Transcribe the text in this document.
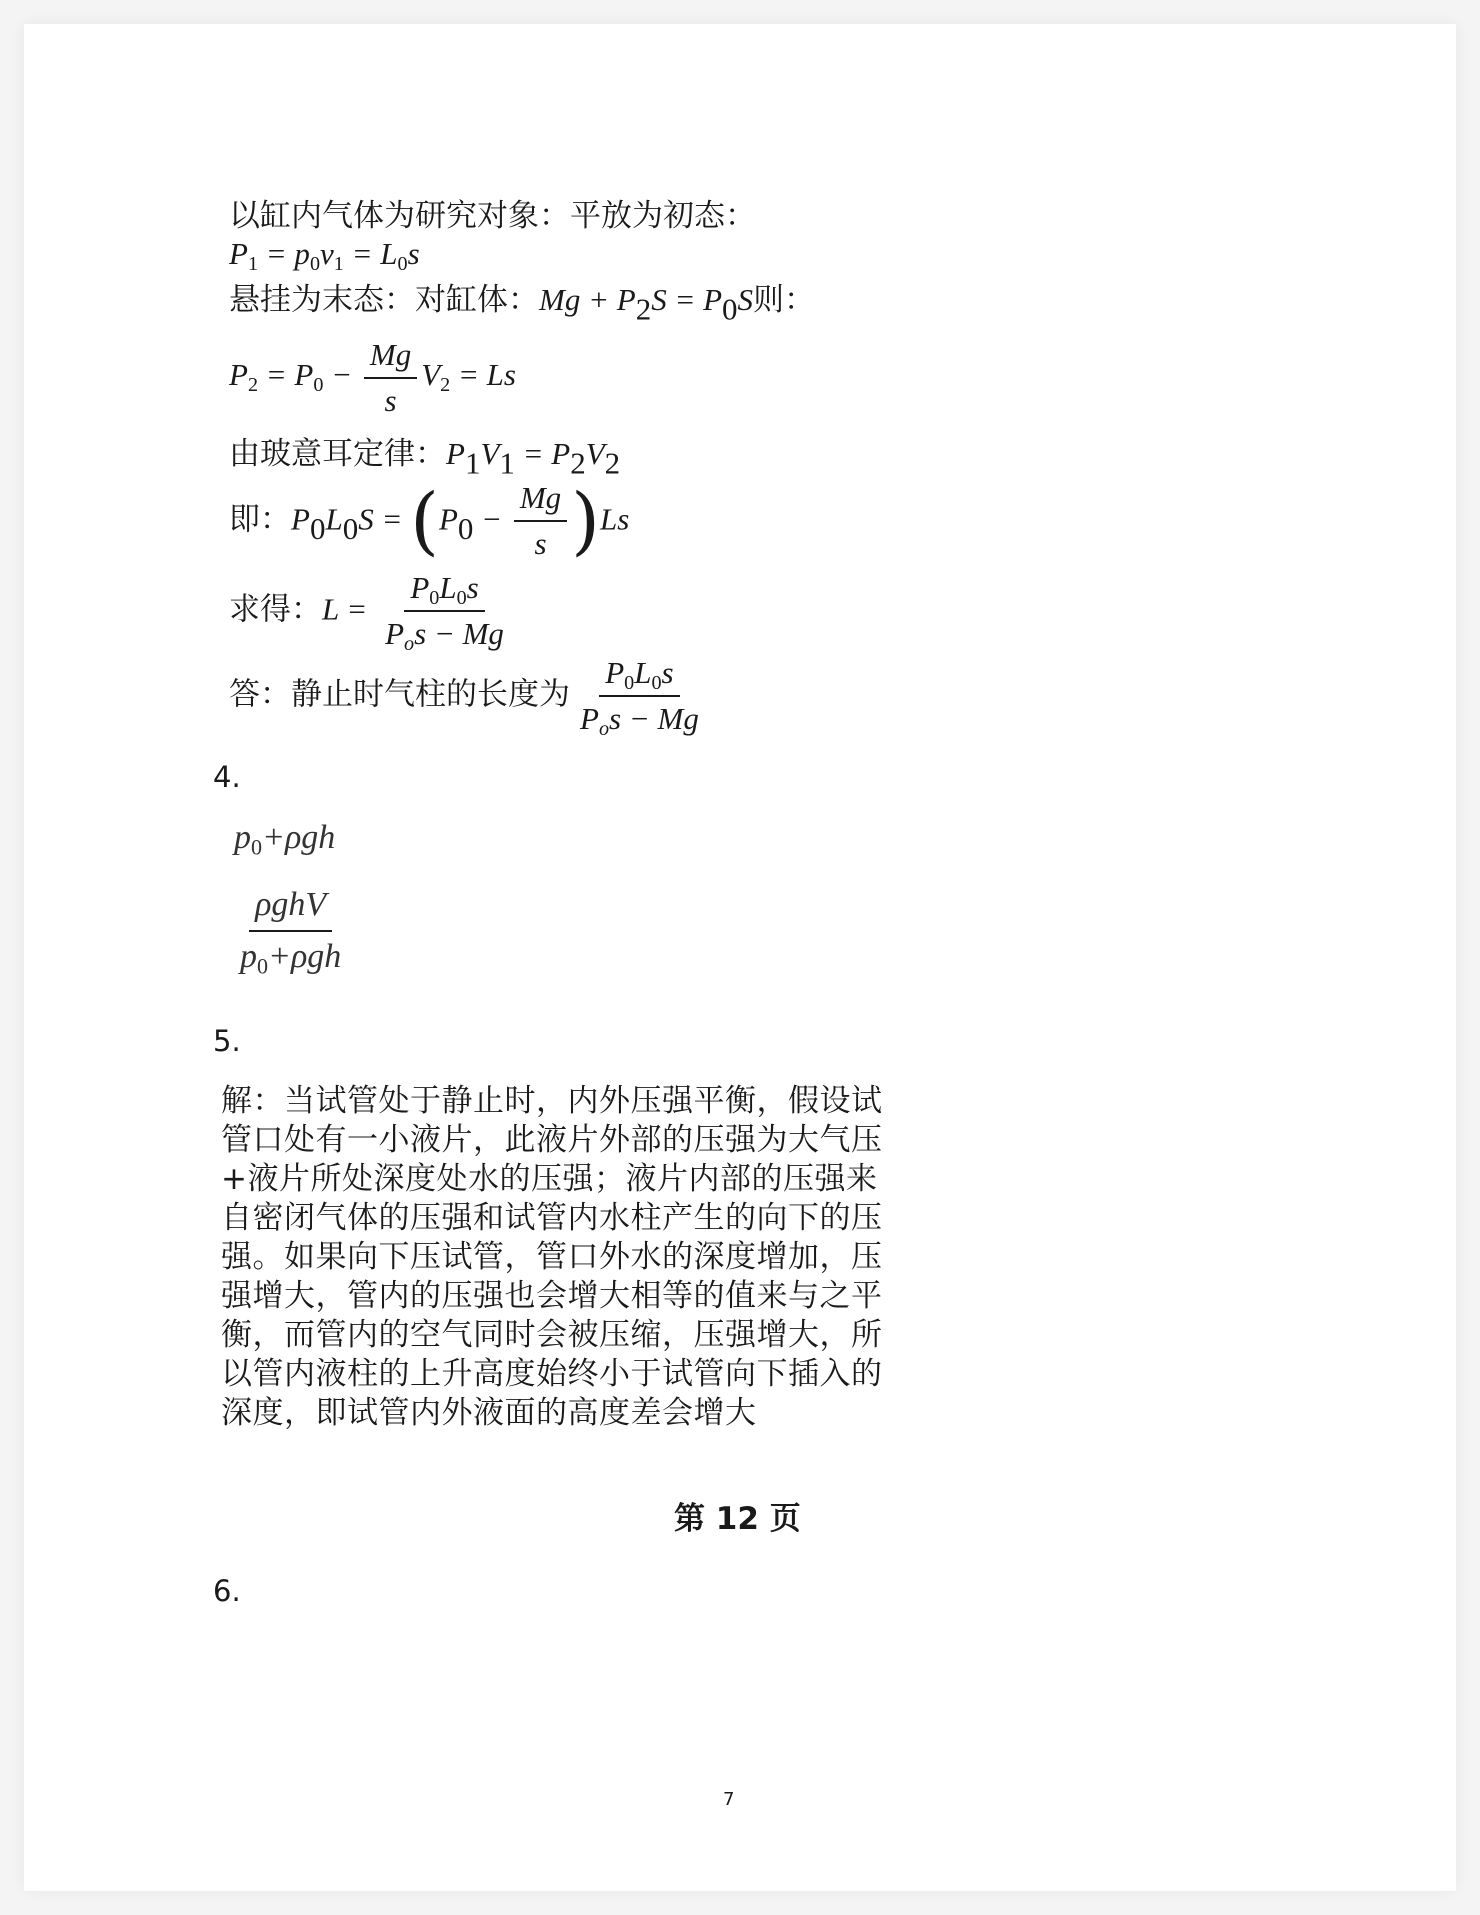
以缸内气体为研究对象：平放为初态：
$P_1 = p_0v_1 = L_0s$
悬挂为末态：对缸体：$Mg + P_2S = P_0S$则：
$P_2 = P_0 - \frac{Mg}{s} V_2 = Ls$
由玻意耳定律：$P_1V_1 = P_2V_2$
即：$P_0L_0S = (P_0 - \frac{Mg}{s} )Ls$
求得：$L = \frac{P_0L_0s}{P_os - Mg}$
答：静止时气柱的长度为 $\frac{P_0L_0s}{P_os - Mg}$
4.
$p_0+\rho gh$
$\frac{\text{ρghV}}{p_0+\rho gh}$
5.
解：当试管处于静止时，内外压强平衡，假设试管口处有一小液片，此液片外部的压强为大气压+液片所处深度处水的压强；液片内部的压强来自密闭气体的压强和试管内水柱产生的向下的压强。如果向下压试管，管口外水的深度增加，压强增大，管内的压强也会增大相等的值来与之平衡，而管内的空气同时会被压缩，压强增大，所以管内液柱的上升高度始终小于试管向下插入的深度，即试管内外液面的高度差会增大
第 12 页
6.
7
